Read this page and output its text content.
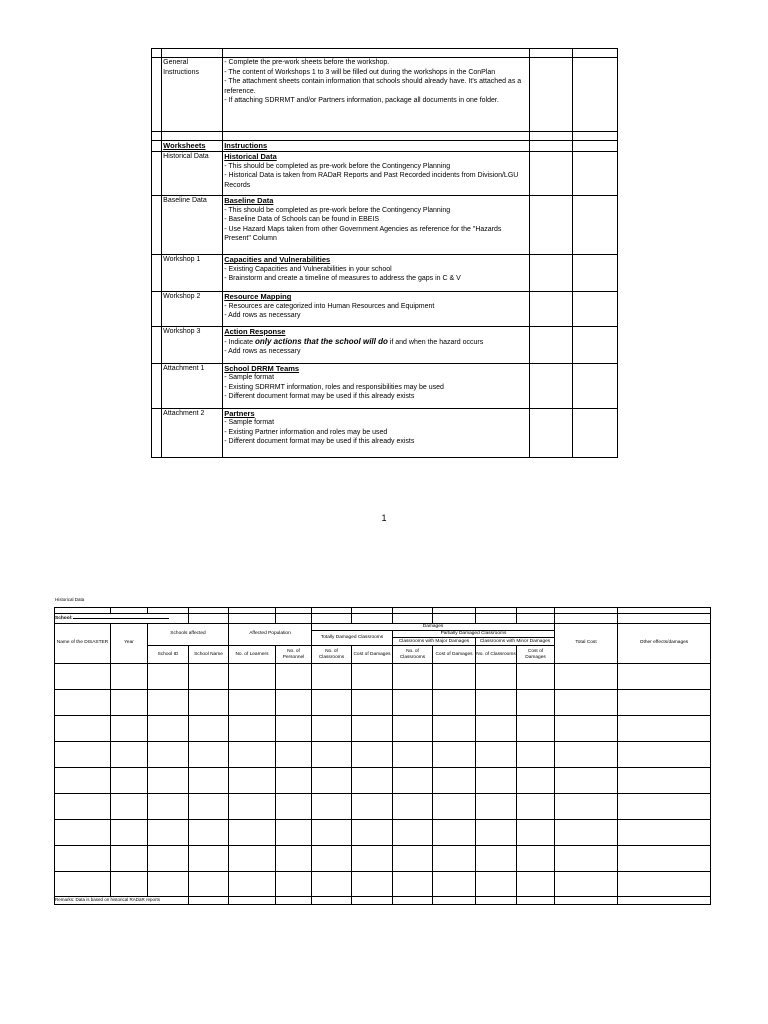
	General Instructions	- Complete the pre-work sheets before the workshop.
- The content of Workshops 1 to 3 will be filled out during the workshops in the ConPlan
- The attachment sheets contain information that schools should already have. It's attached as a reference.
- If attaching SDRRMT and/or Partners information, package all documents in one folder.		

	Worksheets	Instructions		
	Historical Data	Historical Data
- This should be completed as pre-work before the Contingency Planning
- Historical Data is taken from RADaR Reports and Past Recorded incidents from Division/LGU Records		

	Baseline Data	Baseline Data
- This should be completed as pre-work before the Contingency Planning
- Baseline Data of Schools can be found in EBEIS
- Use Hazard Maps taken from other Government Agencies as reference for the "Hazards Present" Column		

	Workshop 1	Capacities and Vulnerabilities
- Existing Capacities and Vulnerabilities in your school
- Brainstorm and create a timeline of measures to address the gaps in C & V		

	Workshop 2	Resource Mapping
- Resources are categorized into Human Resources and Equipment
- Add rows as necessary		

	Workshop 3	Action Response
- Indicate only actions that the school will do if and when the hazard occurs
- Add rows as necessary		

	Attachment 1	School DRRM Teams
- Sample format
- Existing SDRRMT information, roles and responsibilities may be used
- Different document format may be used if this already exists		

	Attachment 2	Partners
- Sample format
- Existing Partner information and roles may be used
- Different document format may be used if this already exists		

1
Historical Data

School:													
Name of the DISASTER	Year	Schools affected		Affected Population		Damages						Total Cost	Other effects/damages
						Totally Damaged Classrooms		Partially Damaged Classrooms					
								Classrooms with Major Damages		Classrooms with Minor Damages			
		School ID	School Name	No. of Learners	No. of Personnel	No. of Classrooms	Cost of Damages	No. of Classrooms	Cost of Damages	No. of Classrooms	Cost of Damages		

Remarks: Data is based on historical RADaR reports													
